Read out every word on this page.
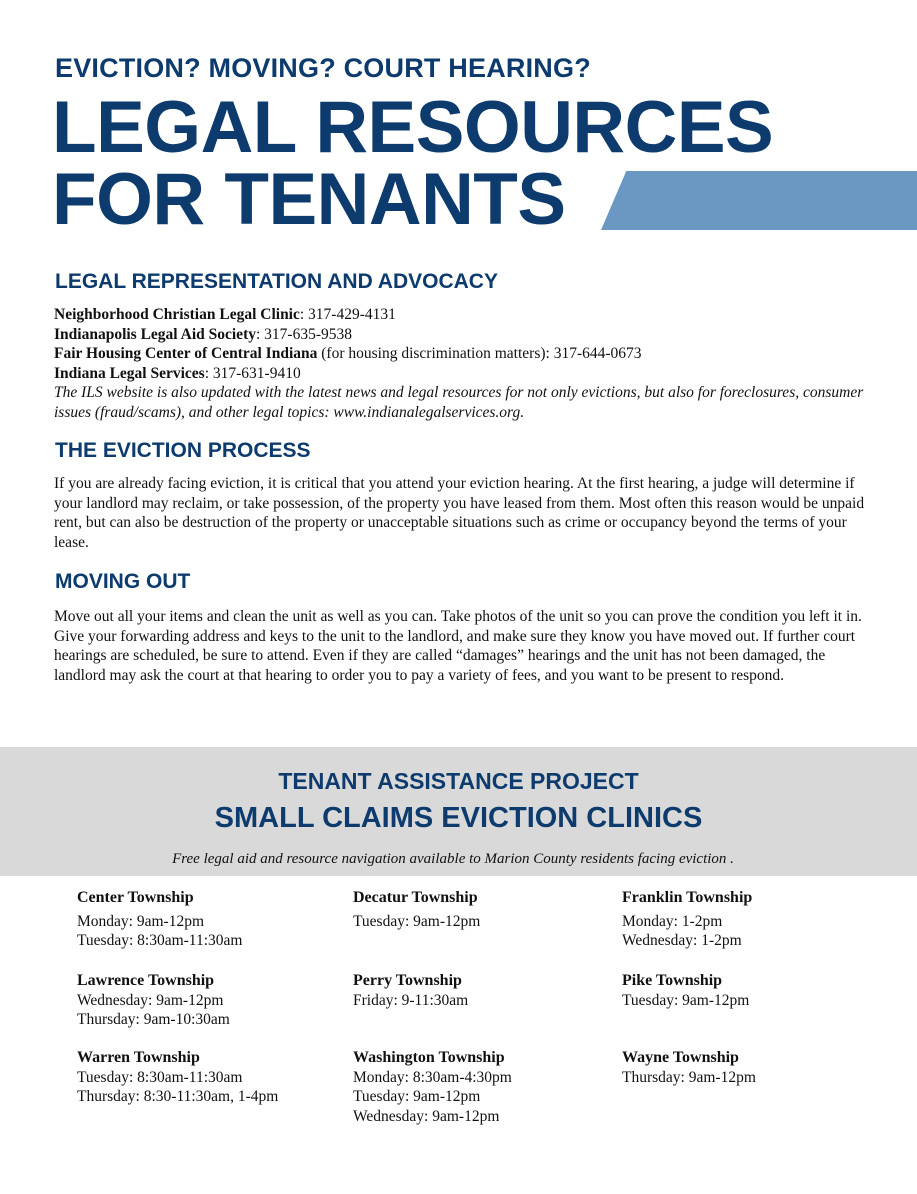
EVICTION? MOVING? COURT HEARING?
LEGAL RESOURCES
FOR TENANTS
LEGAL REPRESENTATION AND ADVOCACY
Neighborhood Christian Legal Clinic: 317-429-4131
Indianapolis Legal Aid Society: 317-635-9538
Fair Housing Center of Central Indiana (for housing discrimination matters): 317-644-0673
Indiana Legal Services: 317-631-9410
The ILS website is also updated with the latest news and legal resources for not only evictions, but also for foreclosures, consumer issues (fraud/scams), and other legal topics: www.indianalegalservices.org.
THE EVICTION PROCESS
If you are already facing eviction, it is critical that you attend your eviction hearing. At the first hearing, a judge will determine if your landlord may reclaim, or take possession, of the property you have leased from them. Most often this reason would be unpaid rent, but can also be destruction of the property or unacceptable situations such as crime or occupancy beyond the terms of your lease.
MOVING OUT
Move out all your items and clean the unit as well as you can. Take photos of the unit so you can prove the condition you left it in. Give your forwarding address and keys to the unit to the landlord, and make sure they know you have moved out. If further court hearings are scheduled, be sure to attend. Even if they are called “damages” hearings and the unit has not been damaged, the landlord may ask the court at that hearing to order you to pay a variety of fees, and you want to be present to respond.
TENANT ASSISTANCE PROJECT
SMALL CLAIMS EVICTION CLINICS
Free legal aid and resource navigation available to Marion County residents facing eviction .
Center Township
Monday: 9am-12pm
Tuesday: 8:30am-11:30am
Decatur Township
Tuesday: 9am-12pm
Franklin Township
Monday: 1-2pm
Wednesday: 1-2pm
Lawrence Township
Wednesday: 9am-12pm
Thursday: 9am-10:30am
Perry Township
Friday: 9-11:30am
Pike Township
Tuesday: 9am-12pm
Warren Township
Tuesday: 8:30am-11:30am
Thursday: 8:30-11:30am, 1-4pm
Washington Township
Monday: 8:30am-4:30pm
Tuesday: 9am-12pm
Wednesday: 9am-12pm
Wayne Township
Thursday: 9am-12pm
